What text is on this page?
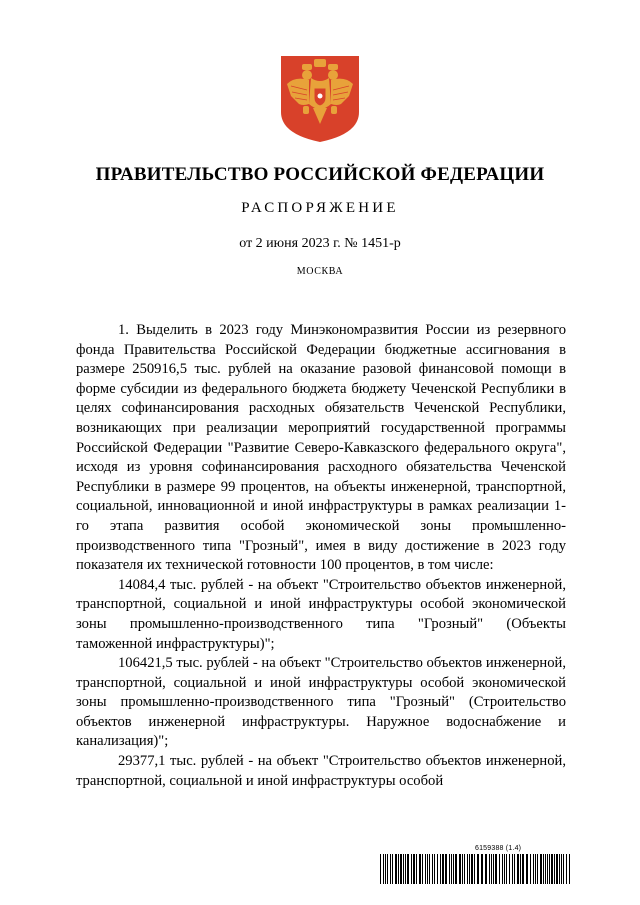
ПРАВИТЕЛЬСТВО РОССИЙСКОЙ ФЕДЕРАЦИИ
РАСПОРЯЖЕНИЕ
от 2 июня 2023 г. № 1451-р
МОСКВА

1. Выделить в 2023 году Минэкономразвития России из резервного фонда Правительства Российской Федерации бюджетные ассигнования в размере 250916,5 тыс. рублей на оказание разовой финансовой помощи в форме субсидии из федерального бюджета бюджету Чеченской Республики в целях софинансирования расходных обязательств Чеченской Республики, возникающих при реализации мероприятий государственной программы Российской Федерации "Развитие Северо-Кавказского федерального округа", исходя из уровня софинансирования расходного обязательства Чеченской Республики в размере 99 процентов, на объекты инженерной, транспортной, социальной, инновационной и иной инфраструктуры в рамках реализации 1-го этапа развития особой экономической зоны промышленно-производственного типа "Грозный", имея в виду достижение в 2023 году показателя их технической готовности 100 процентов, в том числе:

14084,4 тыс. рублей - на объект "Строительство объектов инженерной, транспортной, социальной и иной инфраструктуры особой экономической зоны промышленно-производственного типа "Грозный" (Объекты таможенной инфраструктуры)";

106421,5 тыс. рублей - на объект "Строительство объектов инженерной, транспортной, социальной и иной инфраструктуры особой экономической зоны промышленно-производственного типа "Грозный" (Строительство объектов инженерной инфраструктуры. Наружное водоснабжение и канализация)";

29377,1 тыс. рублей - на объект "Строительство объектов инженерной, транспортной, социальной и иной инфраструктуры особой

6159388 (1.4)
